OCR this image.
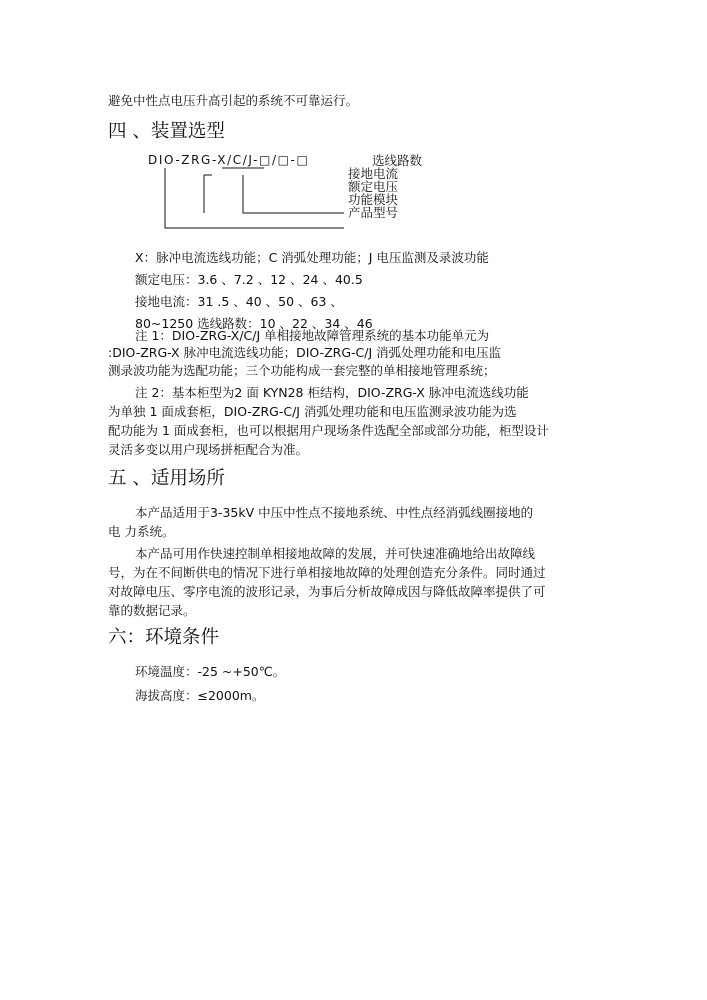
避免中性点电压升高引起的系统不可靠运行。
四 、装置选型
DIO-ZRG-X/C/J-□/□-□	选线路数
接地电流
额定电压
功能模块
产品型号
X：脉冲电流选线功能；C 消弧处理功能；J 电压监测及录波功能
额定电压：3.6 、7.2 、12 、24 、40.5
接地电流：31 .5 、40 、50 、63 、
80~1250 选线路数：10 、22 、34 、46
注 1：DIO-ZRG-X/C/J 单相接地故障管理系统的基本功能单元为
:DIO-ZRG-X 脉冲电流选线功能；DIO-ZRG-C/J 消弧处理功能和电压监
测录波功能为选配功能；三个功能构成一套完整的单相接地管理系统；
注 2：基本柜型为2 面 KYN28 柜结构，DIO-ZRG-X 脉冲电流选线功能
为单独 1 面成套柜，DIO-ZRG-C/J 消弧处理功能和电压监测录波功能为选
配功能为 1 面成套柜，也可以根据用户现场条件选配全部或部分功能，柜型设计
灵活多变以用户现场拼柜配合为准。
五 、适用场所
本产品适用于3-35kV 中压中性点不接地系统、中性点经消弧线圈接地的
电 力系统。
本产品可用作快速控制单相接地故障的发展，并可快速准确地给出故障线
号，为在不间断供电的情况下进行单相接地故障的处理创造充分条件。同时通过
对故障电压、零序电流的波形记录，为事后分析故障成因与降低故障率提供了可
靠的数据记录。
六：环境条件
环境温度：-25 ~+50℃。
海拔高度：≤2000m。
